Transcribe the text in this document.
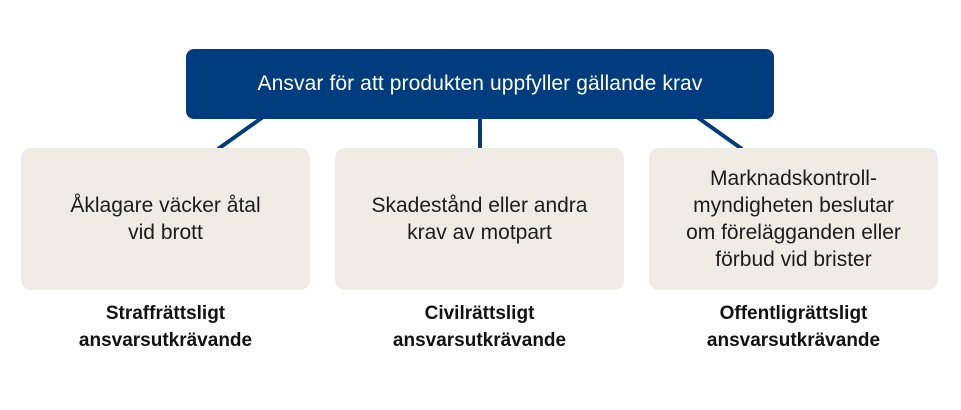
Ansvar för att produkten uppfyller gällande krav
Åklagare väcker åtal
vid brott
Skadestånd eller andra
krav av motpart
Marknadskontroll-
myndigheten beslutar
om förelägganden eller
förbud vid brister
Straffrättsligt
ansvarsutkrävande
Civilrättsligt
ansvarsutkrävande
Offentligrättsligt
ansvarsutkrävande
